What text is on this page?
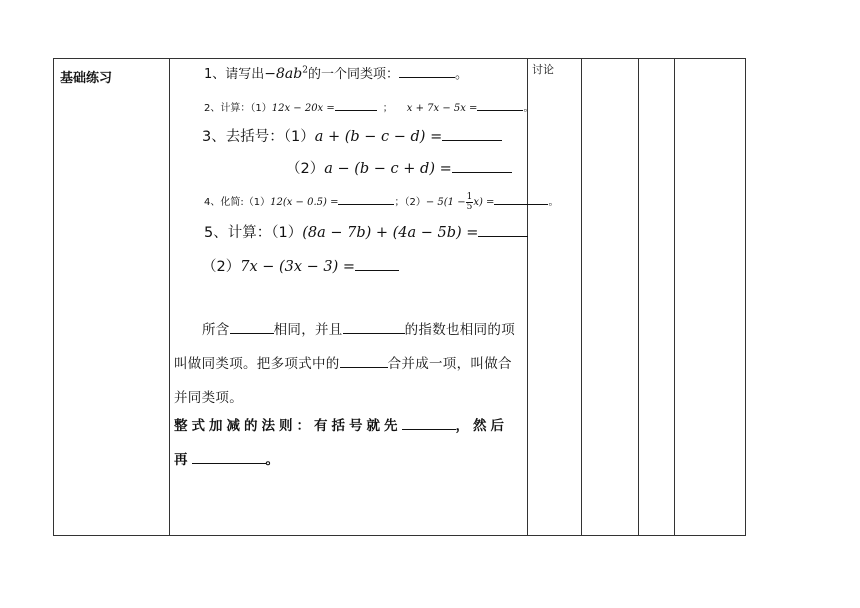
基础练习
讨论
1、请写出$-8ab^2$的一个同类项：	。
2、计算：（1）12x − 20x =	； x + 7x − 5x =	。
3、去括号：（1）a + (b − c − d) =
（2）a − (b − c + d) =
4、化简:（1）12(x − 0.5) =	；$(2)- 5(1 - \frac{1}{5} x)$ =	。
5、计算：（1）(8a − 7b) + (4a − 5b) =
（2）7x − (3x − 3) =
所含	相同，并且	的指数也相同的项叫做同类项。把多项式中的	合并成一项，叫做合并同类项。
整式加减的法则：有括号就先	，然后再	。
